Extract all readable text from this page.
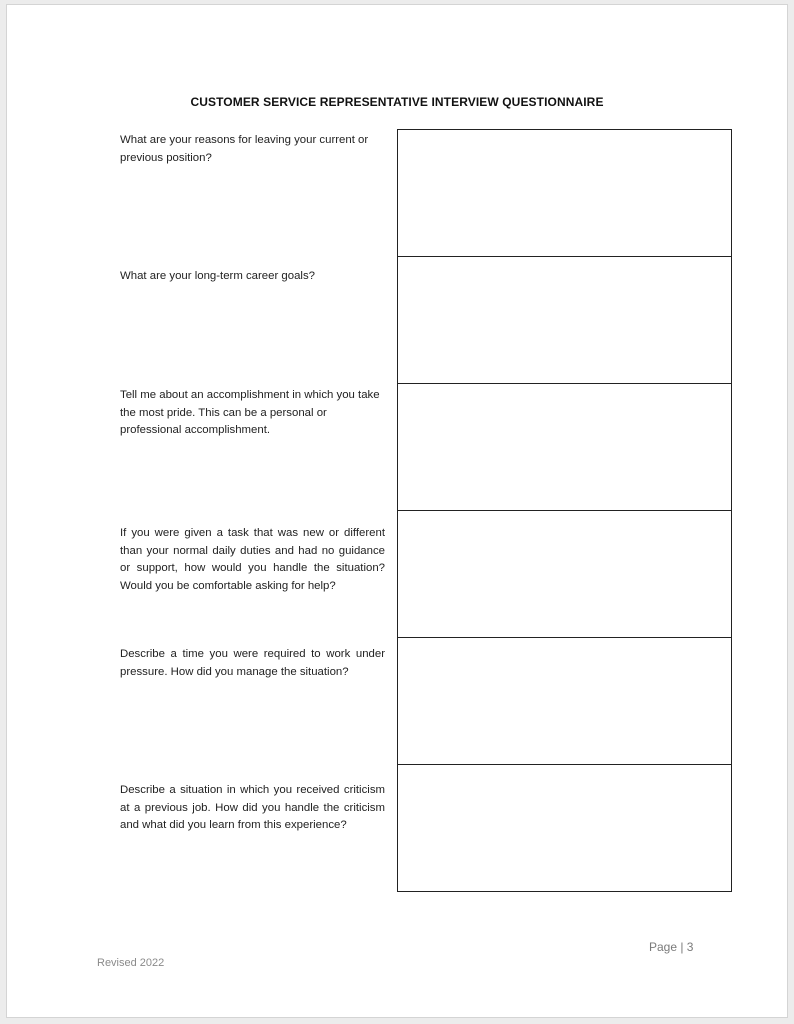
CUSTOMER SERVICE REPRESENTATIVE INTERVIEW QUESTIONNAIRE
What are your reasons for leaving your current or previous position?
What are your long-term career goals?
Tell me about an accomplishment in which you take the most pride. This can be a personal or professional accomplishment.
If you were given a task that was new or different than your normal daily duties and had no guidance or support, how would you handle the situation? Would you be comfortable asking for help?
Describe a time you were required to work under pressure. How did you manage the situation?
Describe a situation in which you received criticism at a previous job. How did you handle the criticism and what did you learn from this experience?
Page | 3
Revised 2022
